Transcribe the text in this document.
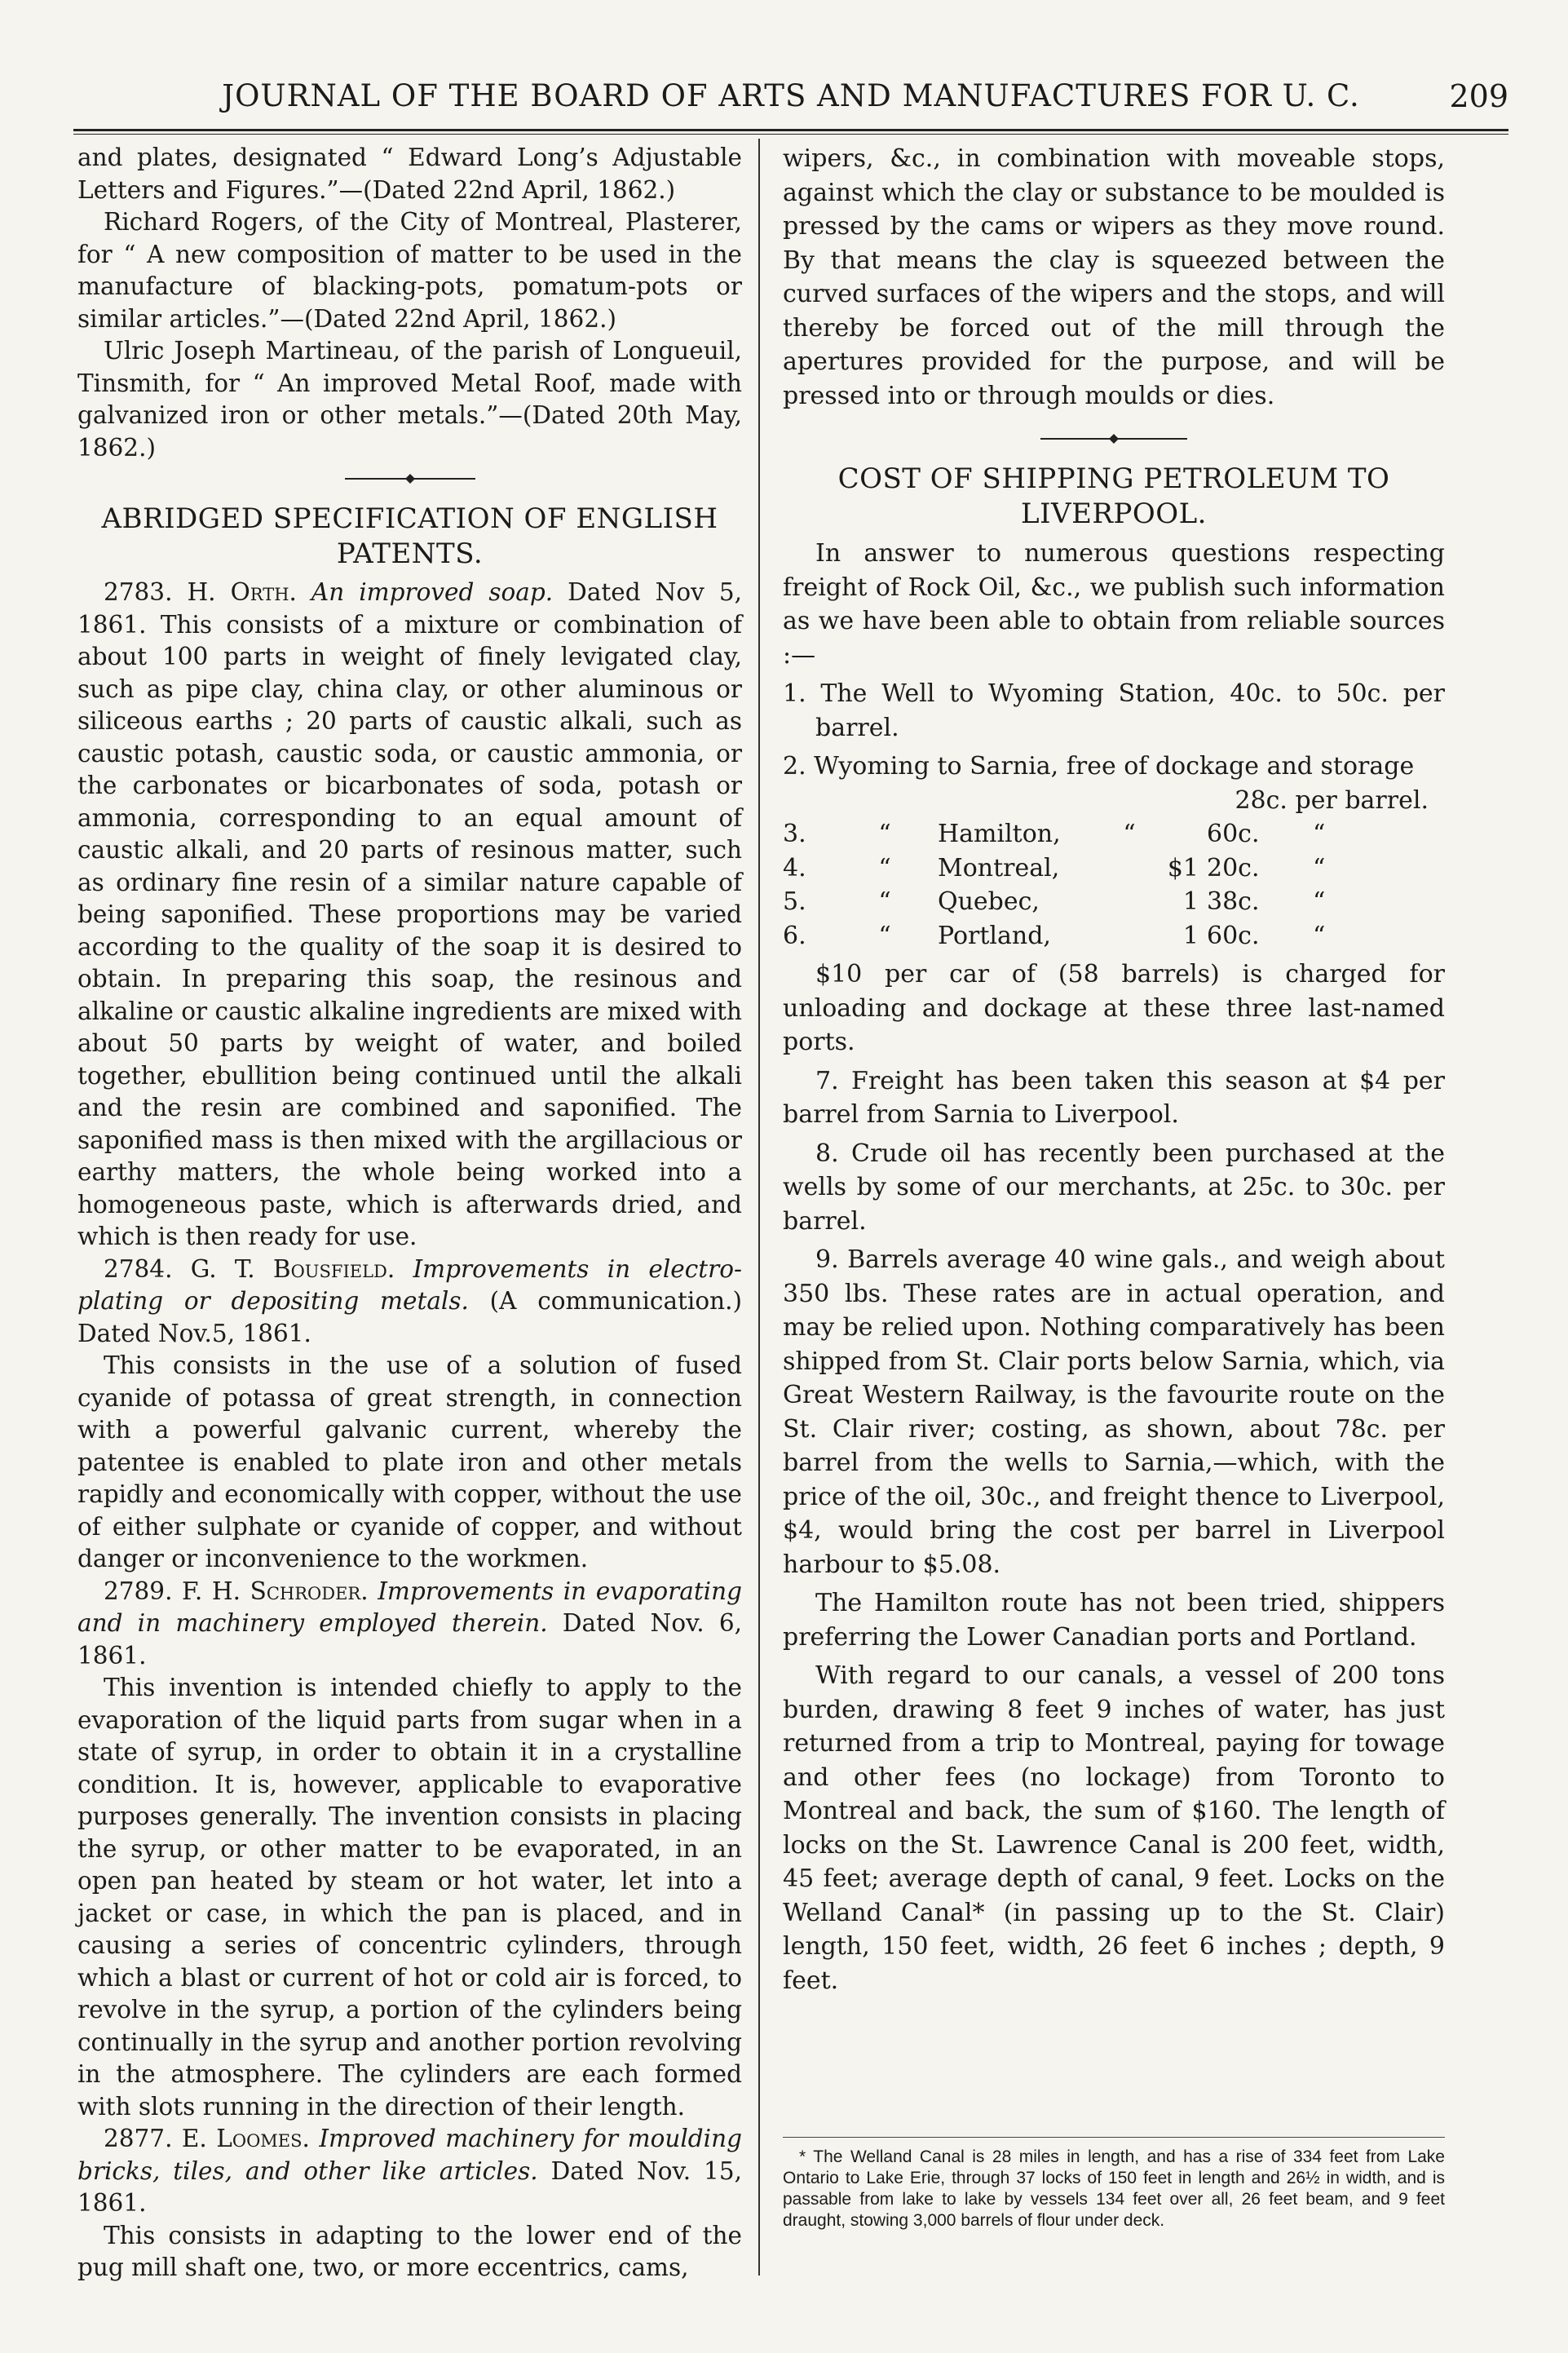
JOURNAL OF THE BOARD OF ARTS AND MANUFACTURES FOR U. C.	209

and plates, designated “ Edward Long’s Adjustable Letters and Figures.”—(Dated 22nd April, 1862.)

Richard Rogers, of the City of Montreal, Plasterer, for “ A new composition of matter to be used in the manufacture of blacking-pots, pomatum-pots or similar articles.”—(Dated 22nd April, 1862.)

Ulric Joseph Martineau, of the parish of Longueuil, Tinsmith, for “ An improved Metal Roof, made with galvanized iron or other metals.”—(Dated 20th May, 1862.)

ABRIDGED SPECIFICATION OF ENGLISH PATENTS.

2783. H. Orth. An improved soap. Dated Nov 5, 1861. This consists of a mixture or combination of about 100 parts in weight of finely levigated clay, such as pipe clay, china clay, or other aluminous or siliceous earths ; 20 parts of caustic alkali, such as caustic potash, caustic soda, or caustic ammonia, or the carbonates or bicarbonates of soda, potash or ammonia, corresponding to an equal amount of caustic alkali, and 20 parts of resinous matter, such as ordinary fine resin of a similar nature capable of being saponified. These proportions may be varied according to the quality of the soap it is desired to obtain. In preparing this soap, the resinous and alkaline or caustic alkaline ingredients are mixed with about 50 parts by weight of water, and boiled together, ebullition being continued until the alkali and the resin are combined and saponified. The saponified mass is then mixed with the argillacious or earthy matters, the whole being worked into a homogeneous paste, which is afterwards dried, and which is then ready for use.

2784. G. T. Bousfield. Improvements in electro-plating or depositing metals. (A communication.) Dated Nov.5, 1861.

This consists in the use of a solution of fused cyanide of potassa of great strength, in connection with a powerful galvanic current, whereby the patentee is enabled to plate iron and other metals rapidly and economically with copper, without the use of either sulphate or cyanide of copper, and without danger or inconvenience to the workmen.

2789. F. H. Schroder. Improvements in evaporating and in machinery employed therein. Dated Nov. 6, 1861.

This invention is intended chiefly to apply to the evaporation of the liquid parts from sugar when in a state of syrup, in order to obtain it in a crystalline condition. It is, however, applicable to evaporative purposes generally. The invention consists in placing the syrup, or other matter to be evaporated, in an open pan heated by steam or hot water, let into a jacket or case, in which the pan is placed, and in causing a series of concentric cylinders, through which a blast or current of hot or cold air is forced, to revolve in the syrup, a portion of the cylinders being continually in the syrup and another portion revolving in the atmosphere. The cylinders are each formed with slots running in the direction of their length.

2877. E. Loomes. Improved machinery for moulding bricks, tiles, and other like articles. Dated Nov. 15, 1861.

This consists in adapting to the lower end of the pug mill shaft one, two, or more eccentrics, cams,

wipers, &c., in combination with moveable stops, against which the clay or substance to be moulded is pressed by the cams or wipers as they move round. By that means the clay is squeezed between the curved surfaces of the wipers and the stops, and will thereby be forced out of the mill through the apertures provided for the purpose, and will be pressed into or through moulds or dies.

COST OF SHIPPING PETROLEUM TO LIVERPOOL.

In answer to numerous questions respecting freight of Rock Oil, &c., we publish such information as we have been able to obtain from reliable sources :—

1. The Well to Wyoming Station, 40c. to 50c. per barrel.

2. Wyoming to Sarnia, free of dockage and storage

28c. per barrel.

3.	“	Hamilton,	“		60c.	“
4.	“	Montreal,		$1	20c.	“
5.	“	Quebec,		1	38c.	“
6.	“	Portland,		1	60c.	“

$10 per car of (58 barrels) is charged for unloading and dockage at these three last-named ports.

7. Freight has been taken this season at $4 per barrel from Sarnia to Liverpool.

8. Crude oil has recently been purchased at the wells by some of our merchants, at 25c. to 30c. per barrel.

9. Barrels average 40 wine gals., and weigh about 350 lbs. These rates are in actual operation, and may be relied upon. Nothing comparatively has been shipped from St. Clair ports below Sarnia, which, via Great Western Railway, is the favourite route on the St. Clair river; costing, as shown, about 78c. per barrel from the wells to Sarnia,—which, with the price of the oil, 30c., and freight thence to Liverpool, $4, would bring the cost per barrel in Liverpool harbour to $5.08.

The Hamilton route has not been tried, shippers preferring the Lower Canadian ports and Portland.

With regard to our canals, a vessel of 200 tons burden, drawing 8 feet 9 inches of water, has just returned from a trip to Montreal, paying for towage and other fees (no lockage) from Toronto to Montreal and back, the sum of $160. The length of locks on the St. Lawrence Canal is 200 feet, width, 45 feet; average depth of canal, 9 feet. Locks on the Welland Canal* (in passing up to the St. Clair) length, 150 feet, width, 26 feet 6 inches ; depth, 9 feet.

* The Welland Canal is 28 miles in length, and has a rise of 334 feet from Lake Ontario to Lake Erie, through 37 locks of 150 feet in length and 26½ in width, and is passable from lake to lake by vessels 134 feet over all, 26 feet beam, and 9 feet draught, stowing 3,000 barrels of flour under deck.
